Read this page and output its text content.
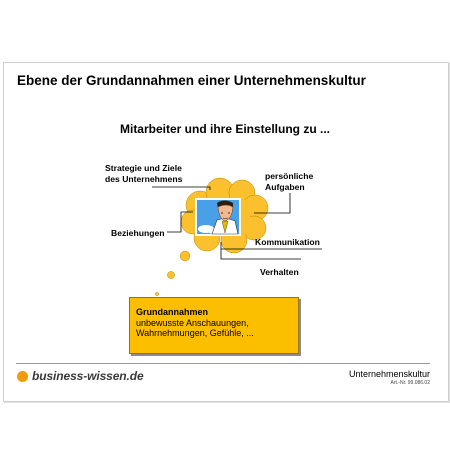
Ebene der Grundannahmen einer Unternehmenskultur
Mitarbeiter und ihre Einstellung zu ...
Strategie und Ziele
des Unternehmens	persönliche
Aufgaben
Beziehungen
Kommunikation
Verhalten
Grundannahmen
unbewusste Anschauungen,
Wahrnehmungen, Gefühle, ...
business-wissen.de	Unternehmenskultur
Art.-Nr. 99.086.02
